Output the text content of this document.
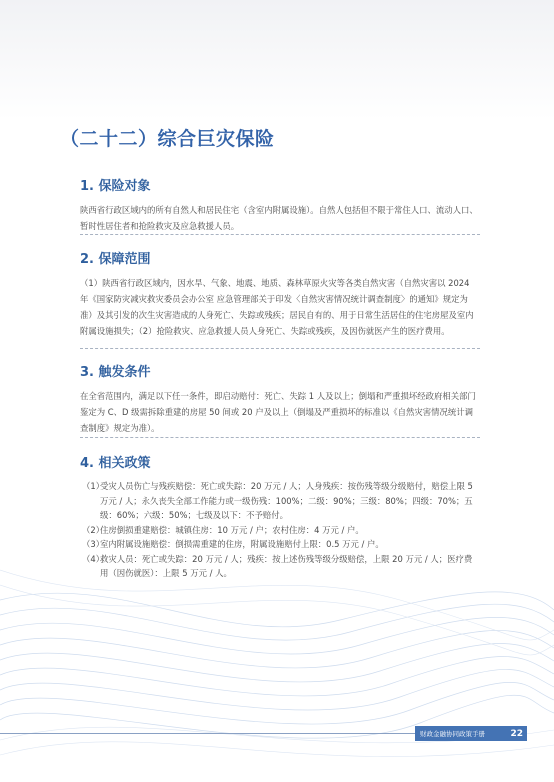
（二十二）综合巨灾保险
1. 保险对象

陕西省行政区域内的所有自然人和居民住宅（含室内附属设施）。自然人包括但不限于常住人口、流动人口、暂时性居住者和抢险救灾及应急救援人员。

2. 保障范围

（1）陕西省行政区域内，因水旱、气象、地震、地质、森林草原火灾等各类自然灾害（自然灾害以 2024 年《国家防灾减灾救灾委员会办公室 应急管理部关于印发〈自然灾害情况统计调查制度〉的通知》规定为准）及其引发的次生灾害造成的人身死亡、失踪或残疾；居民自有的、用于日常生活居住的住宅房屋及室内附属设施损失；（2）抢险救灾、应急救援人员人身死亡、失踪或残疾，及因伤就医产生的医疗费用。

3. 触发条件

在全省范围内，满足以下任一条件，即启动赔付：死亡、失踪 1 人及以上；倒塌和严重损坏经政府相关部门鉴定为 C、D 级需拆除重建的房屋 50 间或 20 户及以上（倒塌及严重损坏的标准以《自然灾害情况统计调查制度》规定为准）。

4. 相关政策
（1）
受灾人员伤亡与残疾赔偿：死亡或失踪：20 万元 / 人；人身残疾：按伤残等级分级赔付，赔偿上限 5 万元 / 人；永久丧失全部工作能力或一级伤残：100%；二级：90%；三级：80%；四级：70%；五级：60%；六级：50%；七级及以下：不予赔付。
（2）
住房倒损重建赔偿：城镇住房：10 万元 / 户；农村住房：4 万元 / 户。
（3）
室内附属设施赔偿：倒损需重建的住房，附属设施赔付上限：0.5 万元 / 户。
（4）
救灾人员：死亡或失踪：20 万元 / 人；残疾：按上述伤残等级分级赔偿，上限 20 万元 / 人；医疗费用（因伤就医）：上限 5 万元 / 人。
财政金融协同政策手册	22
